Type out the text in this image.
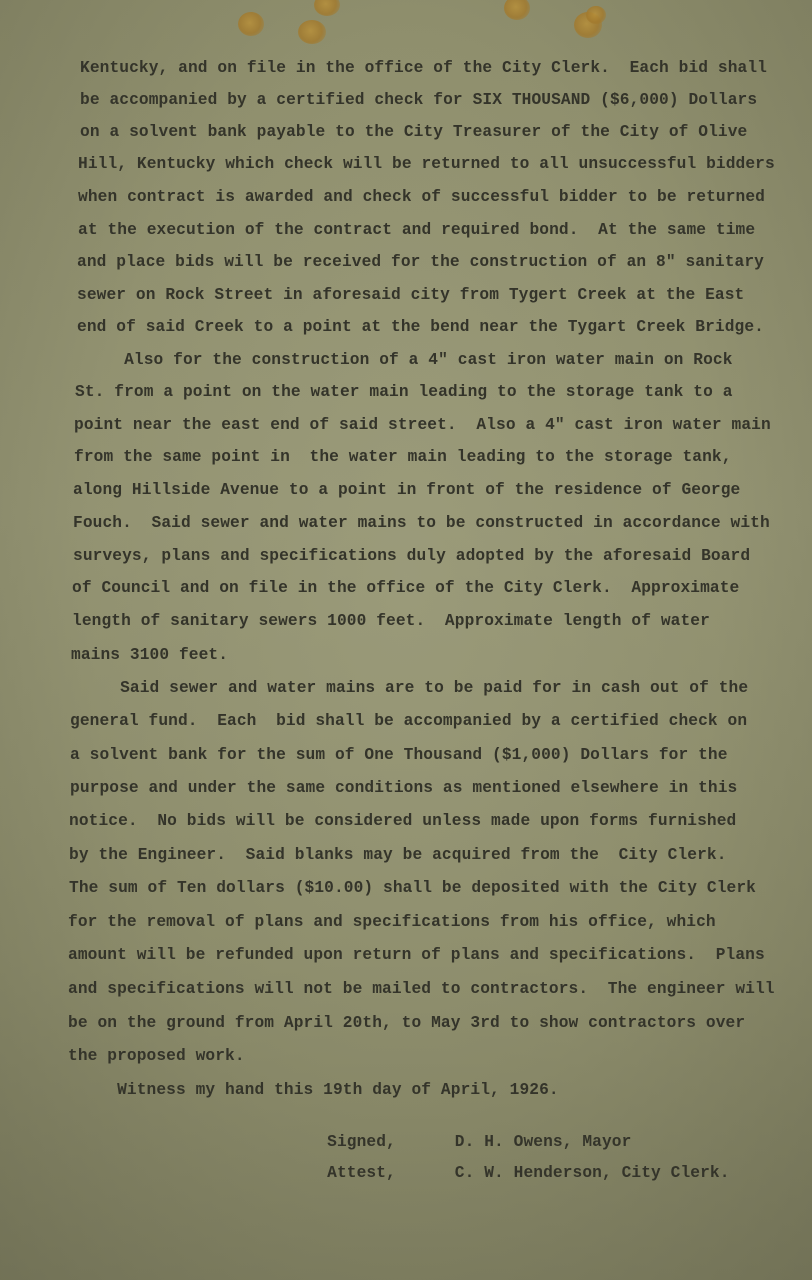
Kentucky, and on file in the office of the City Clerk.  Each bid shall
be accompanied by a certified check for SIX THOUSAND ($6,000) Dollars
on a solvent bank payable to the City Treasurer of the City of Olive
Hill, Kentucky which check will be returned to all unsuccessful bidders
when contract is awarded and check of successful bidder to be returned
at the execution of the contract and required bond.  At the same time
and place bids will be received for the construction of an 8" sanitary
sewer on Rock Street in aforesaid city from Tygert Creek at the East
end of said Creek to a point at the bend near the Tygart Creek Bridge.
Also for the construction of a 4" cast iron water main on Rock
St. from a point on the water main leading to the storage tank to a
point near the east end of said street.  Also a 4" cast iron water main
from the same point in  the water main leading to the storage tank,
along Hillside Avenue to a point in front of the residence of George
Fouch.  Said sewer and water mains to be constructed in accordance with
surveys, plans and specifications duly adopted by the aforesaid Board
of Council and on file in the office of the City Clerk.  Approximate
length of sanitary sewers 1000 feet.  Approximate length of water
mains 3100 feet.
Said sewer and water mains are to be paid for in cash out of the
general fund.  Each  bid shall be accompanied by a certified check on
a solvent bank for the sum of One Thousand ($1,000) Dollars for the
purpose and under the same conditions as mentioned elsewhere in this
notice.  No bids will be considered unless made upon forms furnished
by the Engineer.  Said blanks may be acquired from the  City Clerk.
The sum of Ten dollars ($10.00) shall be deposited with the City Clerk
for the removal of plans and specifications from his office, which
amount will be refunded upon return of plans and specifications.  Plans
and specifications will not be mailed to contractors.  The engineer will
be on the ground from April 20th, to May 3rd to show contractors over
the proposed work.
Witness my hand this 19th day of April, 1926.
Signed,      D. H. Owens, Mayor
Attest,      C. W. Henderson, City Clerk.
